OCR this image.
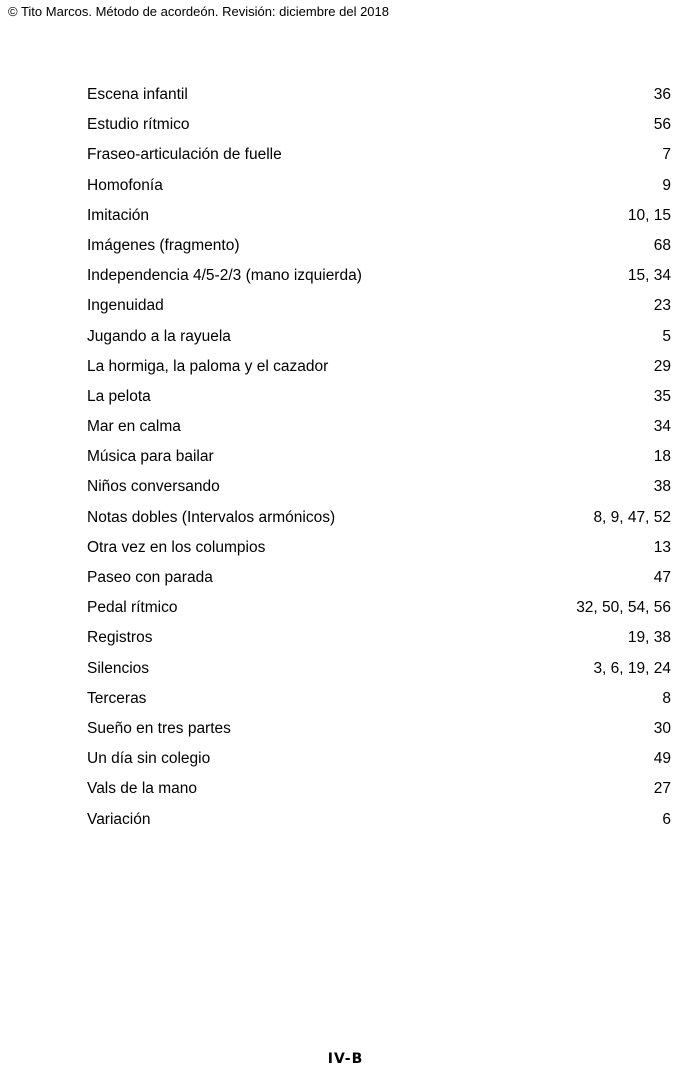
© Tito Marcos. Método de acordeón. Revisión: diciembre del 2018
Escena infantil	36
Estudio rítmico	56
Fraseo-articulación de fuelle	7
Homofonía	9
Imitación	10, 15
Imágenes (fragmento)	68
Independencia 4/5-2/3 (mano izquierda)	15, 34
Ingenuidad	23
Jugando a la rayuela	5
La hormiga, la paloma y el cazador	29
La pelota	35
Mar en calma	34
Música para bailar	18
Niños conversando	38
Notas dobles (Intervalos armónicos)	8, 9, 47, 52
Otra vez en los columpios	13
Paseo con parada	47
Pedal rítmico	32, 50, 54, 56
Registros	19, 38
Silencios	3, 6, 19, 24
Terceras	8
Sueño en tres partes	30
Un día sin colegio	49
Vals de la mano	27
Variación	6
IV-B
